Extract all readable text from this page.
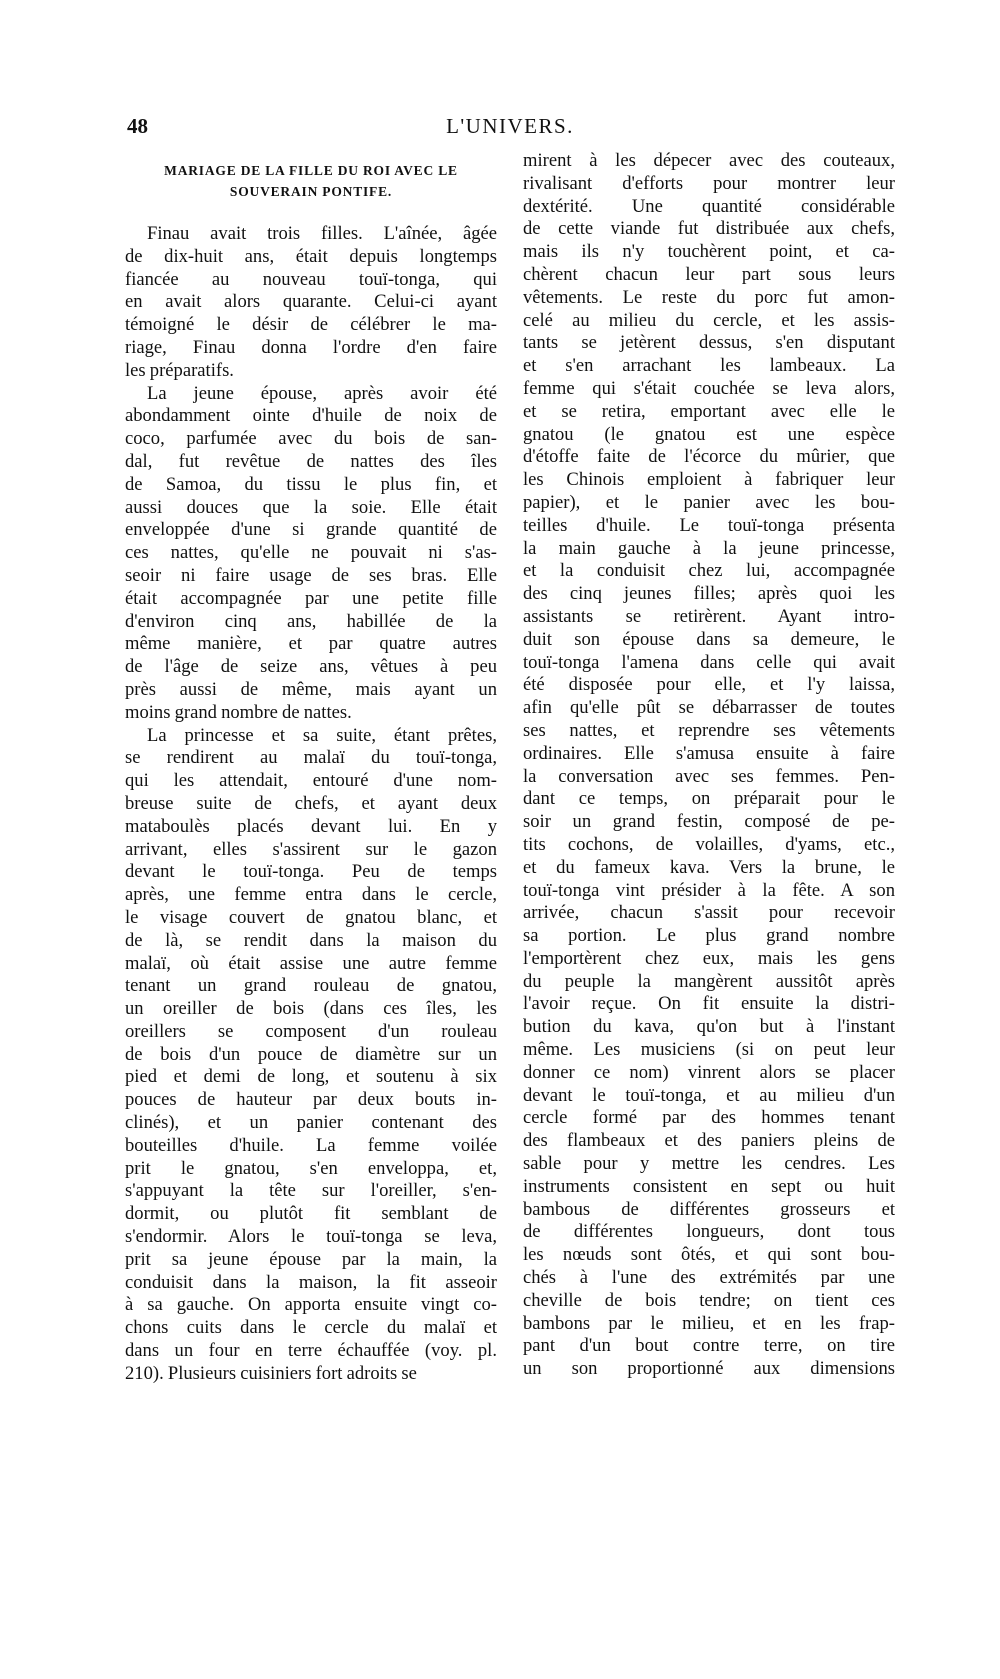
48	L'UNIVERS.
MARIAGE DE LA FILLE DU ROI AVEC LE
SOUVERAIN PONTIFE.
Finau avait trois filles. L'aînée, âgée
de dix-huit ans, était depuis longtemps
fiancée au nouveau touï-tonga, qui
en avait alors quarante. Celui-ci ayant
témoigné le désir de célébrer le ma-
riage, Finau donna l'ordre d'en faire
les préparatifs.
La jeune épouse, après avoir été
abondamment ointe d'huile de noix de
coco, parfumée avec du bois de san-
dal, fut revêtue de nattes des îles
de Samoa, du tissu le plus fin, et
aussi douces que la soie. Elle était
enveloppée d'une si grande quantité de
ces nattes, qu'elle ne pouvait ni s'as-
seoir ni faire usage de ses bras. Elle
était accompagnée par une petite fille
d'environ cinq ans, habillée de la
même manière, et par quatre autres
de l'âge de seize ans, vêtues à peu
près aussi de même, mais ayant un
moins grand nombre de nattes.
La princesse et sa suite, étant prêtes,
se rendirent au malaï du touï-tonga,
qui les attendait, entouré d'une nom-
breuse suite de chefs, et ayant deux
mataboulès placés devant lui. En y
arrivant, elles s'assirent sur le gazon
devant le touï-tonga. Peu de temps
après, une femme entra dans le cercle,
le visage couvert de gnatou blanc, et
de là, se rendit dans la maison du
malaï, où était assise une autre femme
tenant un grand rouleau de gnatou,
un oreiller de bois (dans ces îles, les
oreillers se composent d'un rouleau
de bois d'un pouce de diamètre sur un
pied et demi de long, et soutenu à six
pouces de hauteur par deux bouts in-
clinés), et un panier contenant des
bouteilles d'huile. La femme voilée
prit le gnatou, s'en enveloppa, et,
s'appuyant la tête sur l'oreiller, s'en-
dormit, ou plutôt fit semblant de
s'endormir. Alors le touï-tonga se leva,
prit sa jeune épouse par la main, la
conduisit dans la maison, la fit asseoir
à sa gauche. On apporta ensuite vingt co-
chons cuits dans le cercle du malaï et
dans un four en terre échauffée (voy. pl.
210). Plusieurs cuisiniers fort adroits se
mirent à les dépecer avec des couteaux,
rivalisant d'efforts pour montrer leur
dextérité. Une quantité considérable
de cette viande fut distribuée aux chefs,
mais ils n'y touchèrent point, et ca-
chèrent chacun leur part sous leurs
vêtements. Le reste du porc fut amon-
celé au milieu du cercle, et les assis-
tants se jetèrent dessus, s'en disputant
et s'en arrachant les lambeaux. La
femme qui s'était couchée se leva alors,
et se retira, emportant avec elle le
gnatou (le gnatou est une espèce
d'étoffe faite de l'écorce du mûrier, que
les Chinois emploient à fabriquer leur
papier), et le panier avec les bou-
teilles d'huile. Le touï-tonga présenta
la main gauche à la jeune princesse,
et la conduisit chez lui, accompagnée
des cinq jeunes filles; après quoi les
assistants se retirèrent. Ayant intro-
duit son épouse dans sa demeure, le
touï-tonga l'amena dans celle qui avait
été disposée pour elle, et l'y laissa,
afin qu'elle pût se débarrasser de toutes
ses nattes, et reprendre ses vêtements
ordinaires. Elle s'amusa ensuite à faire
la conversation avec ses femmes. Pen-
dant ce temps, on préparait pour le
soir un grand festin, composé de pe-
tits cochons, de volailles, d'yams, etc.,
et du fameux kava. Vers la brune, le
touï-tonga vint présider à la fête. A son
arrivée, chacun s'assit pour recevoir
sa portion. Le plus grand nombre
l'emportèrent chez eux, mais les gens
du peuple la mangèrent aussitôt après
l'avoir reçue. On fit ensuite la distri-
bution du kava, qu'on but à l'instant
même. Les musiciens (si on peut leur
donner ce nom) vinrent alors se placer
devant le touï-tonga, et au milieu d'un
cercle formé par des hommes tenant
des flambeaux et des paniers pleins de
sable pour y mettre les cendres. Les
instruments consistent en sept ou huit
bambous de différentes grosseurs et
de différentes longueurs, dont tous
les nœuds sont ôtés, et qui sont bou-
chés à l'une des extrémités par une
cheville de bois tendre; on tient ces
bambons par le milieu, et en les frap-
pant d'un bout contre terre, on tire
un son proportionné aux dimensions
